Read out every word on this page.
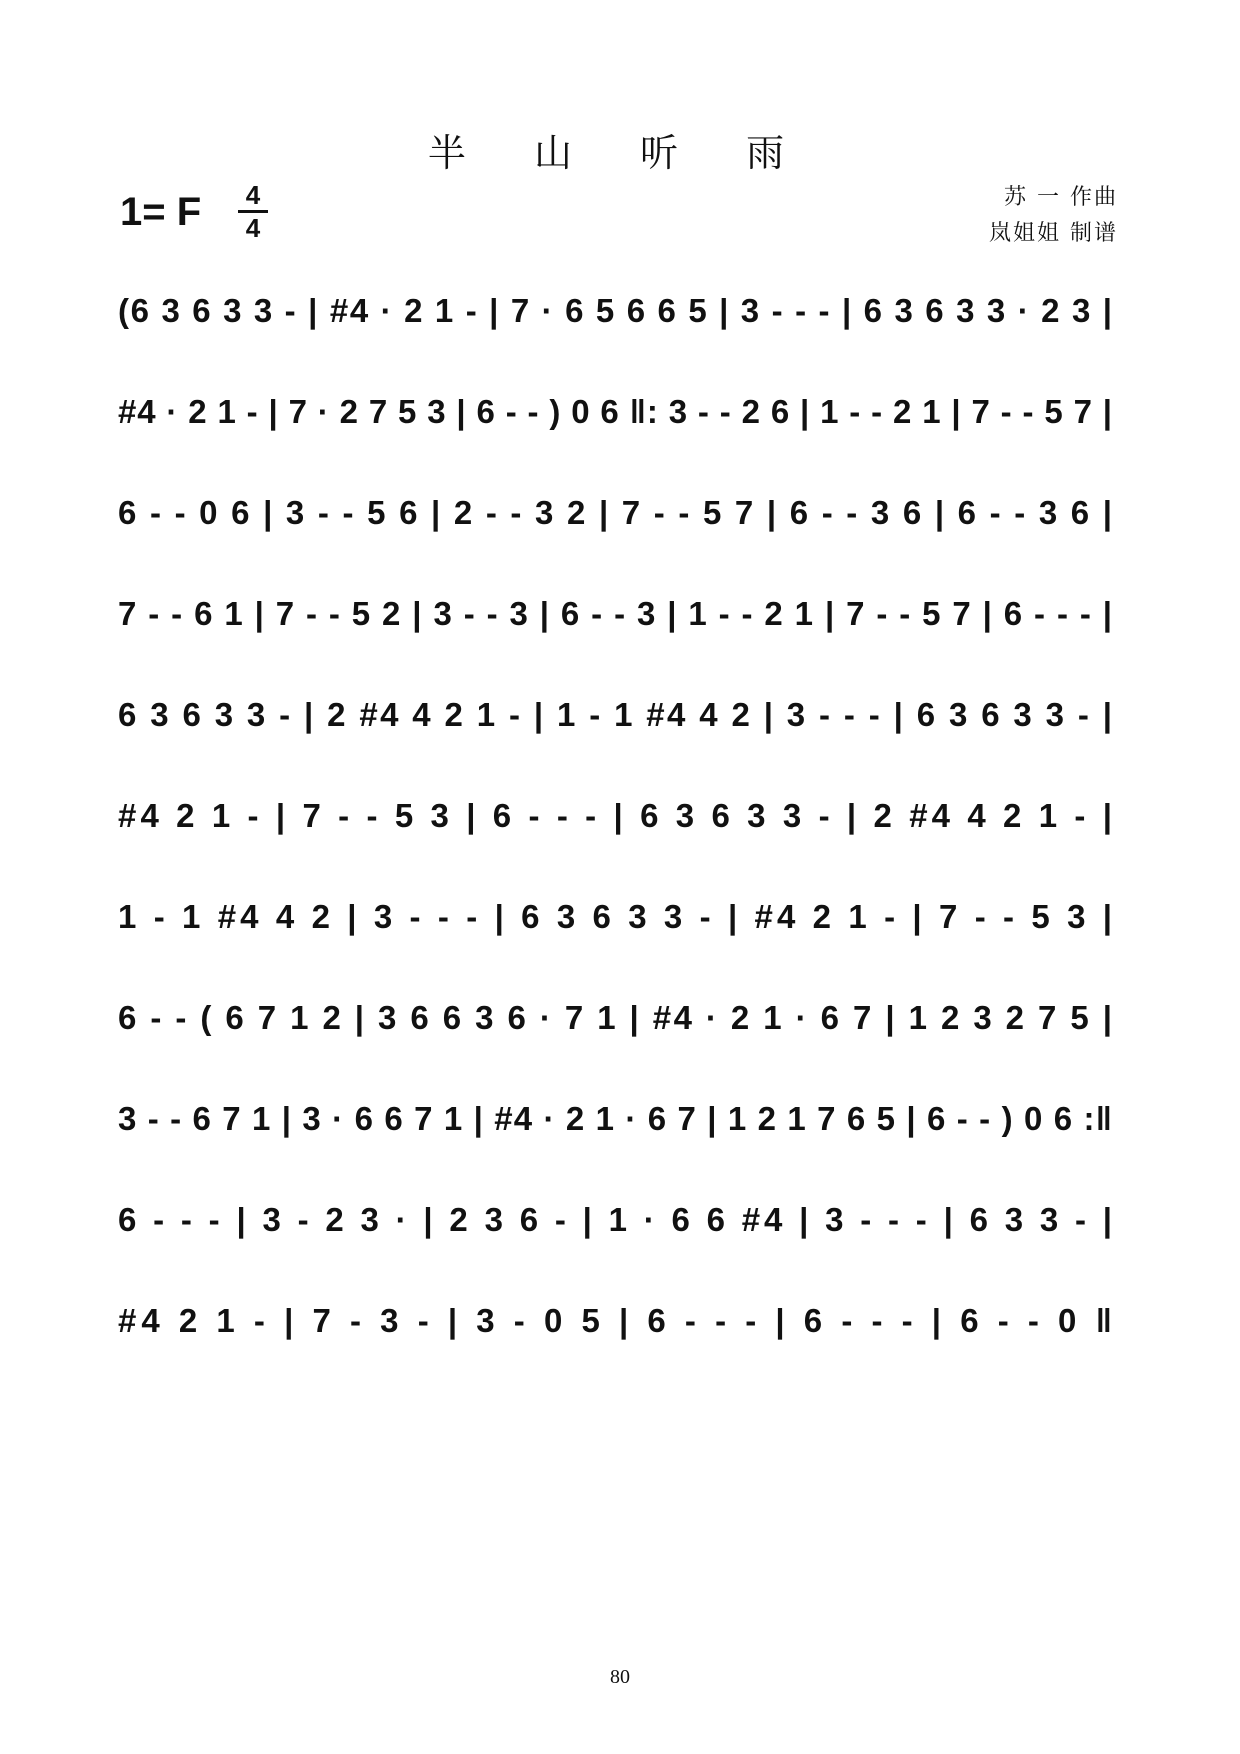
半 山 听 雨
1= F 4
4
苏 一 作曲
岚姐姐 制谱
(6 3 6 3 3 - | #4 · 2 1 - | 7 · 6 5 6 6 5 | 3 - - - | 6 3 6 3 3 · 2 3 |
#4 · 2 1 - | 7 · 2 7 5 3 | 6 - - ) 0 6 ‖: 3 - - 2 6 | 1 - - 2 1 | 7 - - 5 7 |
6 - - 0 6 | 3 - - 5 6 | 2 - - 3 2 | 7 - - 5 7 | 6 - - 3 6 | 6 - - 3 6 |
7 - - 6 1 | 7 - - 5 2 | 3 - - 3 | 6 - - 3 | 1 - - 2 1 | 7 - - 5 7 | 6 - - - |
6 3 6 3 3 - | 2 #4 4 2 1 - | 1 - 1 #4 4 2 | 3 - - - | 6 3 6 3 3 - |
#4 2 1 - | 7 - - 5 3 | 6 - - - | 6 3 6 3 3 - | 2 #4 4 2 1 - |
1 - 1 #4 4 2 | 3 - - - | 6 3 6 3 3 - | #4 2 1 - | 7 - - 5 3 |
6 - - ( 6 7 1 2 | 3 6 6 3 6 · 7 1 | #4 · 2 1 · 6 7 | 1 2 3 2 7 5 |
3 - - 6 7 1 | 3 · 6 6 7 1 | #4 · 2 1 · 6 7 | 1 2 1 7 6 5 | 6 - - ) 0 6 :‖
6 - - - | 3 - 2 3 · | 2 3 6 - | 1 · 6 6 #4 | 3 - - - | 6 3 3 - |
#4 2 1 - | 7 - 3 - | 3 - 0 5 | 6 - - - | 6 - - - | 6 - - 0 ‖
80
